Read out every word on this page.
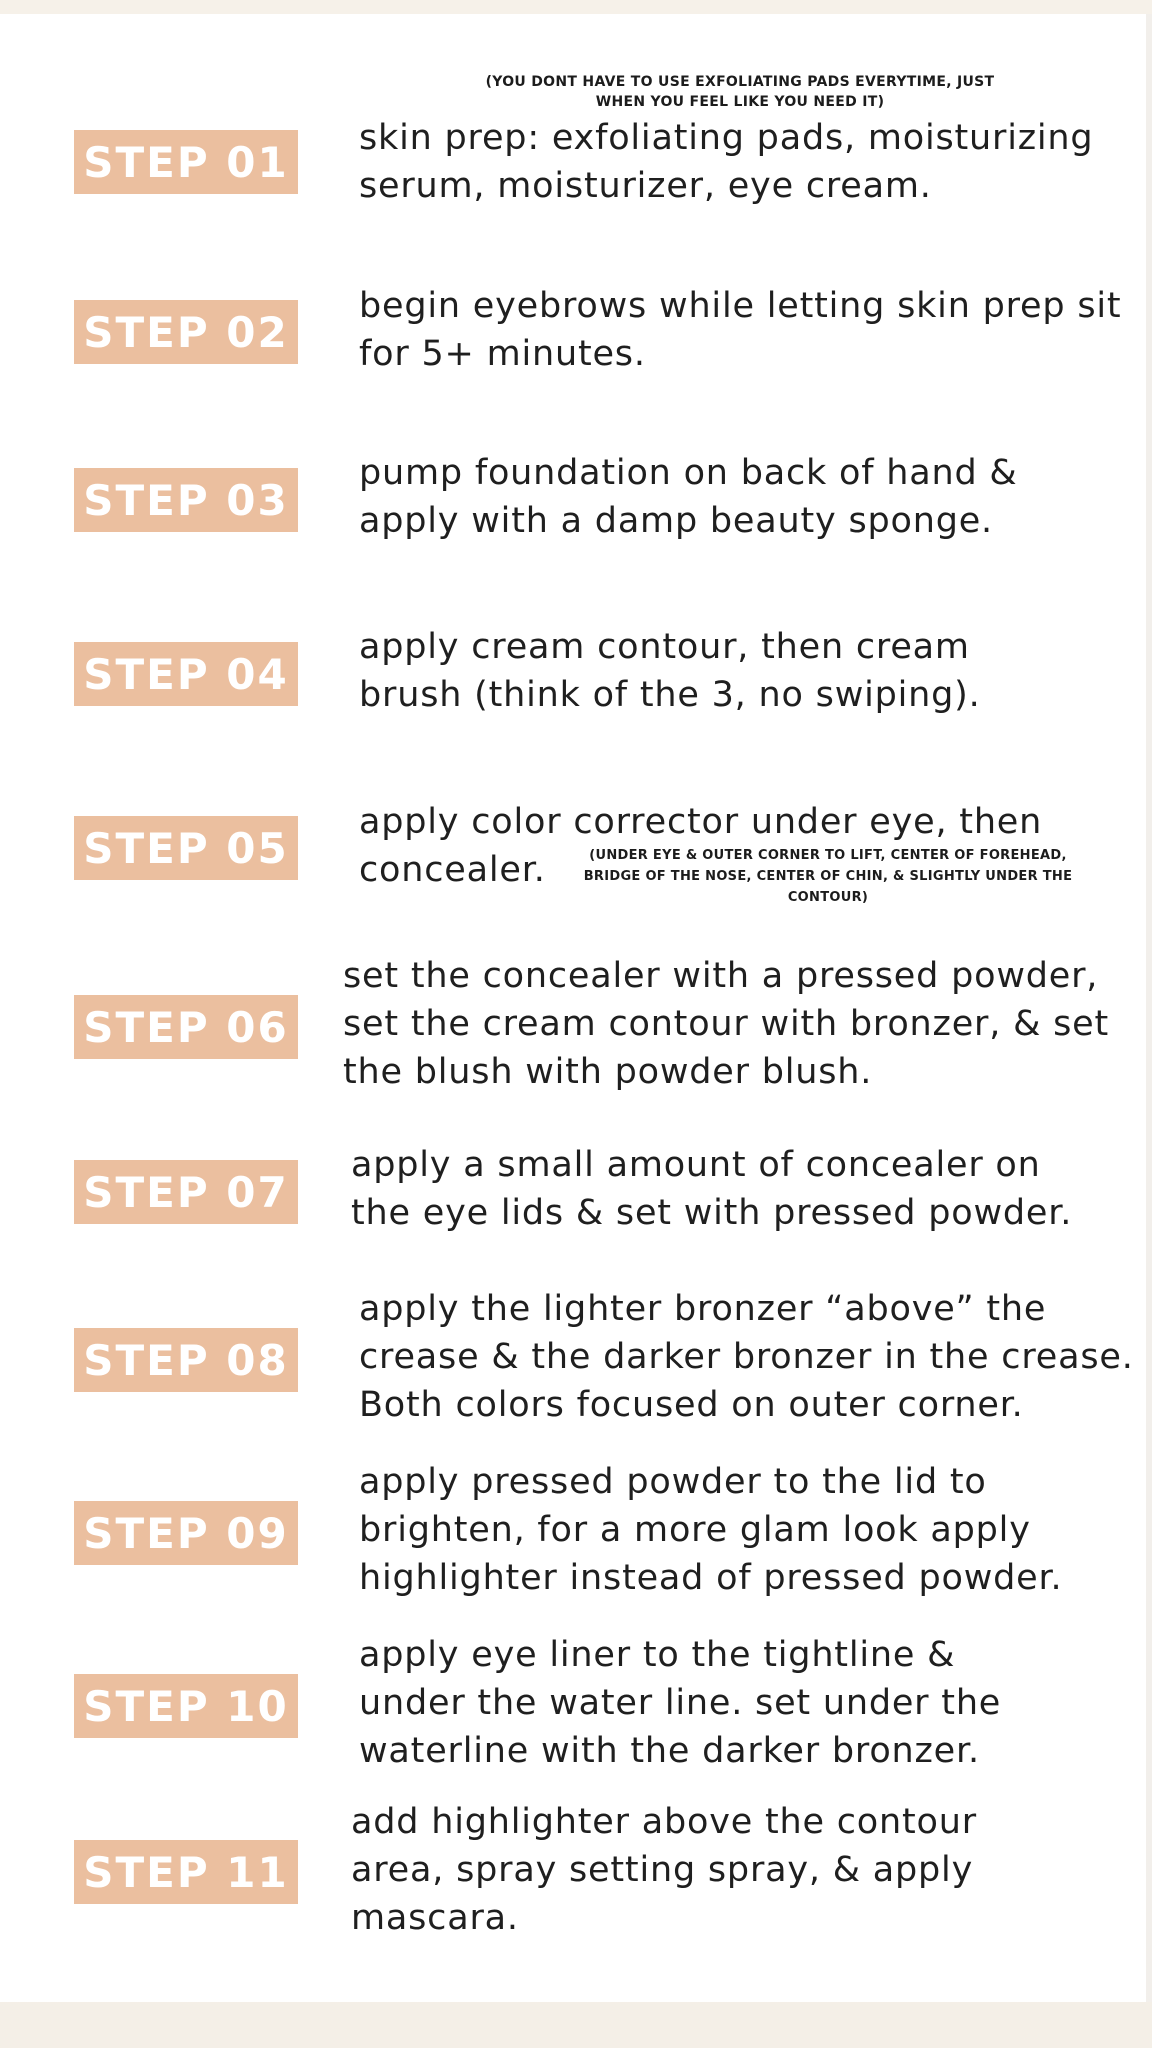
(YOU DONT HAVE TO USE EXFOLIATING PADS EVERYTIME, JUST WHEN YOU FEEL LIKE YOU NEED IT)
STEP 01 skin prep: exfoliating pads, moisturizing
serum, moisturizer, eye cream.
STEP 02
begin eyebrows while letting skin prep sit
for 5+ minutes.
STEP 03
pump foundation on back of hand &
apply with a damp beauty sponge.
STEP 04
apply cream contour, then cream
brush (think of the 3, no swiping).
STEP 05
apply color corrector under eye, then
concealer.	(UNDER EYE & OUTER CORNER TO LIFT, CENTER OF FOREHEAD, BRIDGE OF THE NOSE, CENTER OF CHIN, & SLIGHTLY UNDER THE CONTOUR)
STEP 06
set the concealer with a pressed powder,
set the cream contour with bronzer, & set
the blush with powder blush.
STEP 07
apply a small amount of concealer on
the eye lids & set with pressed powder.
STEP 08
apply the lighter bronzer “above” the
crease & the darker bronzer in the crease.
Both colors focused on outer corner.
STEP 09
apply pressed powder to the lid to
brighten, for a more glam look apply
highlighter instead of pressed powder.
STEP 10
apply eye liner to the tightline &
under the water line. set under the
waterline with the darker bronzer.
STEP 11
add highlighter above the contour
area, spray setting spray, & apply
mascara.
